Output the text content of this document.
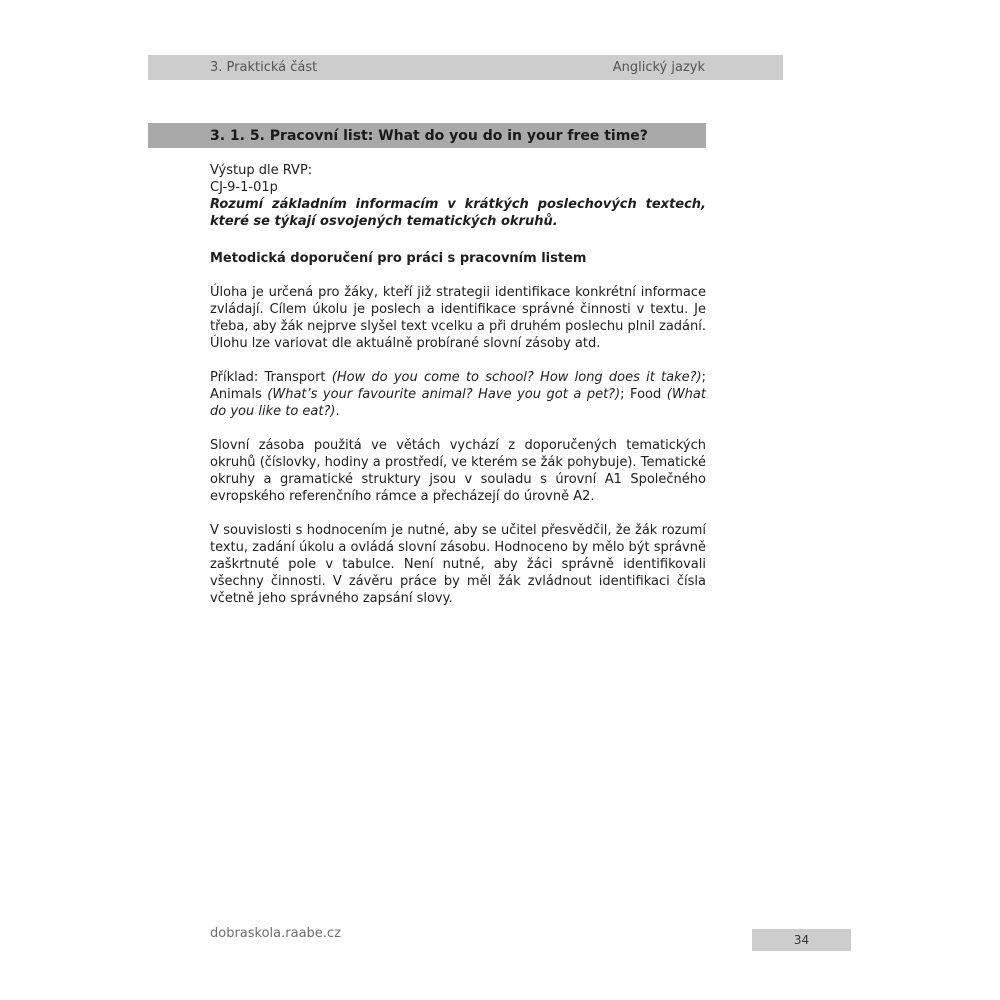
3. Praktická část	Anglický jazyk
3. 1. 5. Pracovní list: What do you do in your free time?

Výstup dle RVP:

CJ-9-1-01p

Rozumí základním informacím v krátkých poslechových textech, které se týkají osvojených tematických okruhů.

Metodická doporučení pro práci s pracovním listem

Úloha je určená pro žáky, kteří již strategii identifikace konkrétní informace zvládají. Cílem úkolu je poslech a identifikace správné činnosti v textu. Je třeba, aby žák nejprve slyšel text vcelku a při druhém poslechu plnil zadání. Úlohu lze variovat dle aktuálně probírané slovní zásoby atd.

Příklad: Transport (How do you come to school? How long does it take?); Animals (What’s your favourite animal? Have you got a pet?); Food (What do you like to eat?).

Slovní zásoba použitá ve větách vychází z doporučených tematických okruhů (číslovky, hodiny a prostředí, ve kterém se žák pohybuje). Tematické okruhy a gramatické struktury jsou v souladu s úrovní A1 Společného evropského referenčního rámce a přecházejí do úrovně A2.

V souvislosti s hodnocením je nutné, aby se učitel přesvědčil, že žák rozumí textu, zadání úkolu a ovládá slovní zásobu. Hodnoceno by mělo být správně zaškrtnuté pole v tabulce. Není nutné, aby žáci správně identifikovali všechny činnosti. V závěru práce by měl žák zvládnout identifikaci čísla včetně jeho správného zapsání slovy.

dobraskola.raabe.cz	34
